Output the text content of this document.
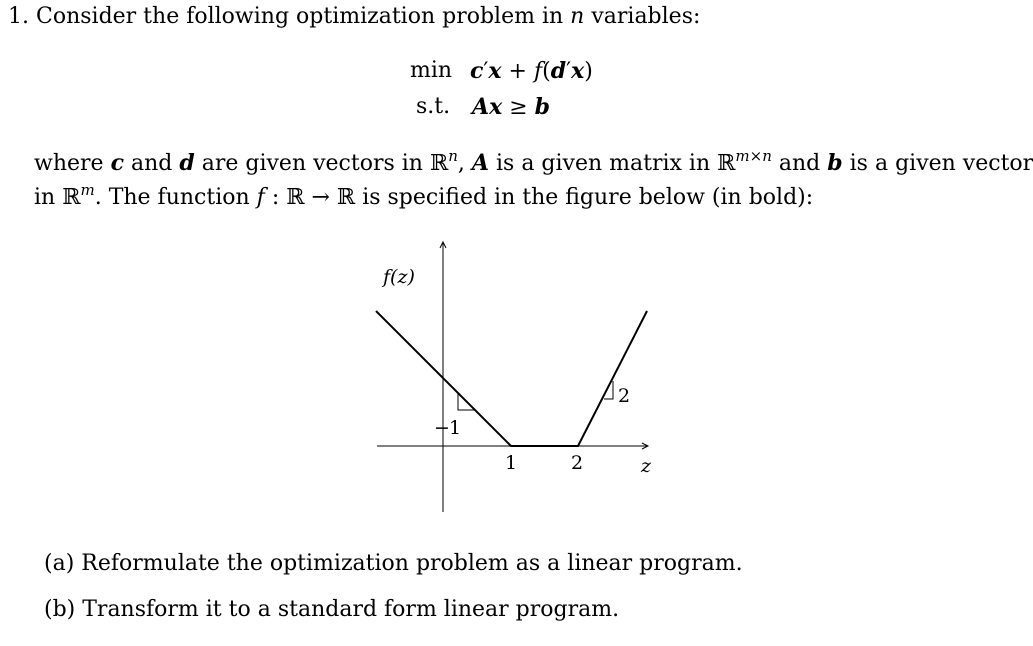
1. Consider the following optimization problem in n variables:
min c′x + f(d′x)
s.t. Ax ≥ b
where c and d are given vectors in ℝ$^n$, A is a given matrix in ℝ$^{m\times n}$ and b is a given vector
in ℝ$^m$. The function f : ℝ → ℝ is specified in the figure below (in bold):
f(z)
z
1	2
− 1
2
(a) Reformulate the optimization problem as a linear program.
(b) Transform it to a standard form linear program.
